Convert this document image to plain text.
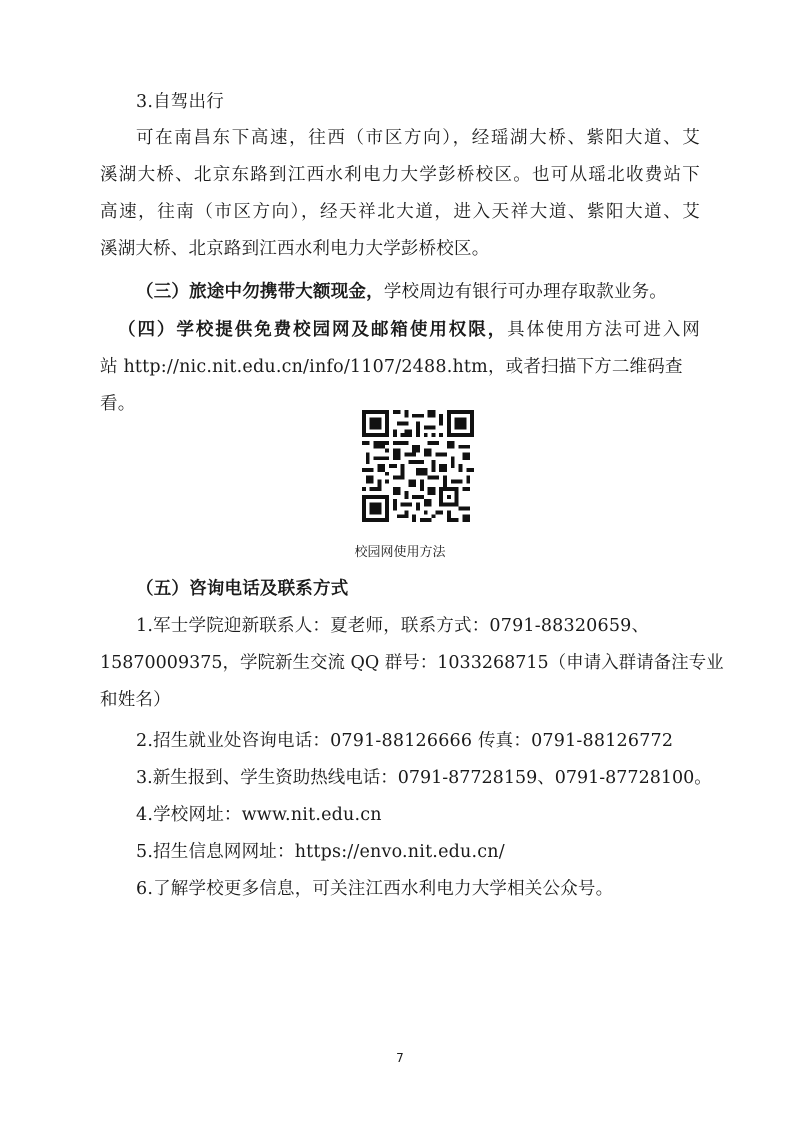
3.自驾出行
可在南昌东下高速，往西（市区方向），经瑶湖大桥、紫阳大道、艾
溪湖大桥、北京东路到江西水利电力大学彭桥校区。也可从瑶北收费站下
高速，往南（市区方向），经天祥北大道，进入天祥大道、紫阳大道、艾
溪湖大桥、北京路到江西水利电力大学彭桥校区。
（三）旅途中勿携带大额现金，学校周边有银行可办理存取款业务。
（四）学校提供免费校园网及邮箱使用权限，具体使用方法可进入网
站 http://nic.nit.edu.cn/info/1107/2488.htm，或者扫描下方二维码查
看。
校园网使用方法
（五）咨询电话及联系方式
1.军士学院迎新联系人：夏老师，联系方式：0791-88320659、
15870009375，学院新生交流 QQ 群号：1033268715（申请入群请备注专业
和姓名）
2.招生就业处咨询电话：0791-88126666 传真：0791-88126772
3.新生报到、学生资助热线电话：0791-87728159、0791-87728100。
4.学校网址：www.nit.edu.cn
5.招生信息网网址：https://envo.nit.edu.cn/
6.了解学校更多信息，可关注江西水利电力大学相关公众号。
7
